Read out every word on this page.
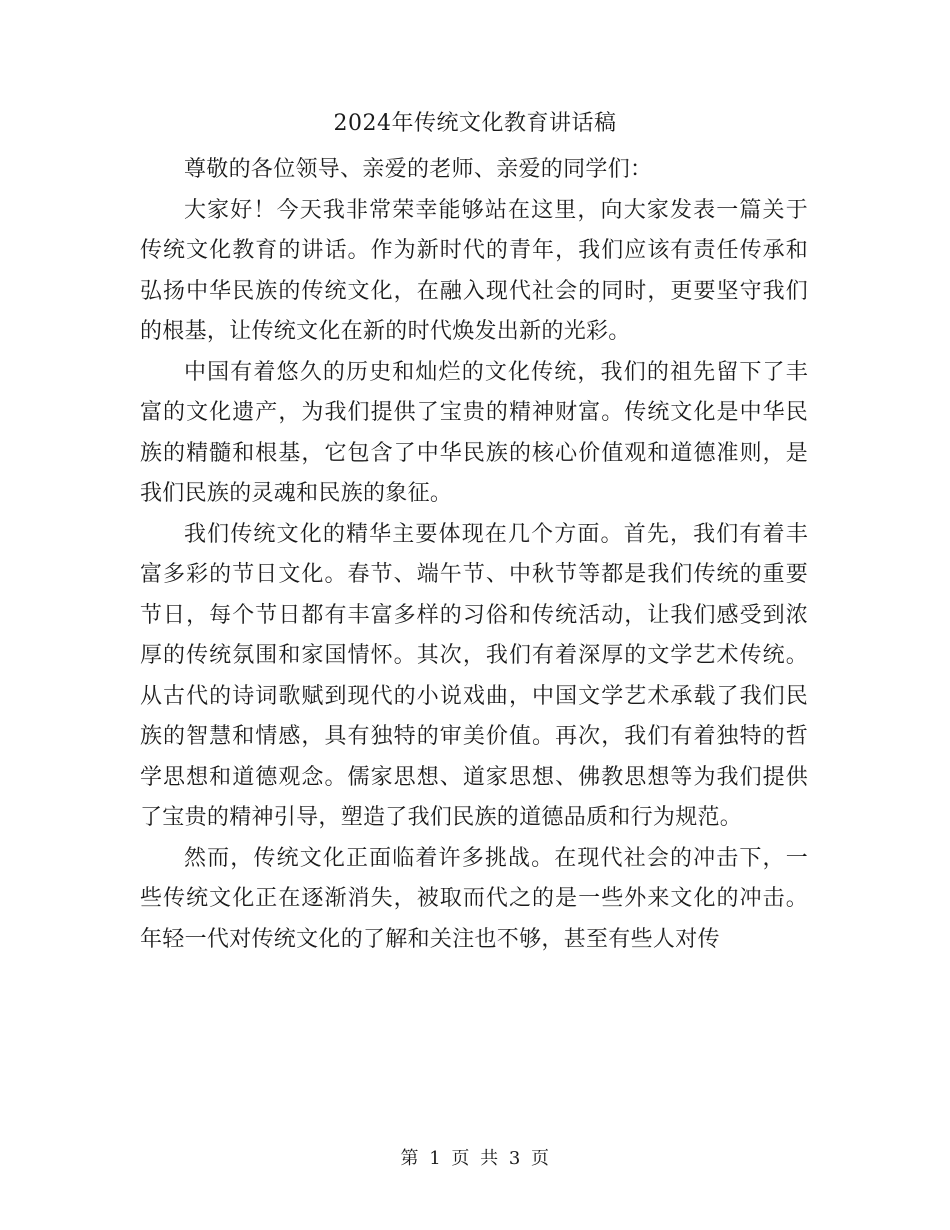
2024年传统文化教育讲话稿

尊敬的各位领导、亲爱的老师、亲爱的同学们：

大家好！今天我非常荣幸能够站在这里，向大家发表一篇关于传统文化教育的讲话。作为新时代的青年，我们应该有责任传承和弘扬中华民族的传统文化，在融入现代社会的同时，更要坚守我们的根基，让传统文化在新的时代焕发出新的光彩。

中国有着悠久的历史和灿烂的文化传统，我们的祖先留下了丰富的文化遗产，为我们提供了宝贵的精神财富。传统文化是中华民族的精髓和根基，它包含了中华民族的核心价值观和道德准则，是我们民族的灵魂和民族的象征。

我们传统文化的精华主要体现在几个方面。首先，我们有着丰富多彩的节日文化。春节、端午节、中秋节等都是我们传统的重要节日，每个节日都有丰富多样的习俗和传统活动，让我们感受到浓厚的传统氛围和家国情怀。其次，我们有着深厚的文学艺术传统。从古代的诗词歌赋到现代的小说戏曲，中国文学艺术承载了我们民族的智慧和情感，具有独特的审美价值。再次，我们有着独特的哲学思想和道德观念。儒家思想、道家思想、佛教思想等为我们提供了宝贵的精神引导，塑造了我们民族的道德品质和行为规范。

然而，传统文化正面临着许多挑战。在现代社会的冲击下，一些传统文化正在逐渐消失，被取而代之的是一些外来文化的冲击。年轻一代对传统文化的了解和关注也不够，甚至有些人对传

第 1 页 共 3 页
